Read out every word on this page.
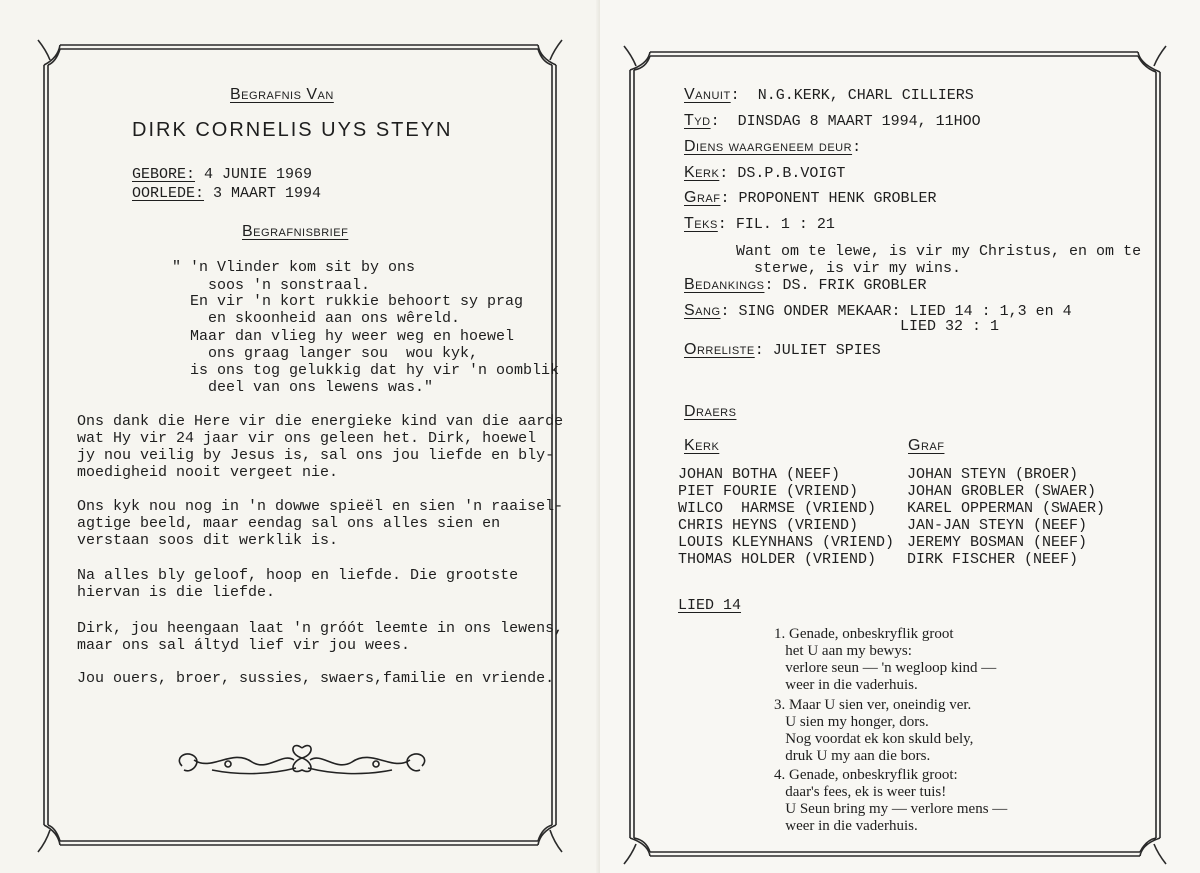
Begrafnis Van
DIRK CORNELIS UYS STEYN
GEBORE: 4 JUNIE 1969
OORLEDE: 3 MAART 1994
Begrafnisbrief
" 'n Vlinder kom sit by ons
soos 'n sonstraal.
En vir 'n kort rukkie behoort sy prag
en skoonheid aan ons wêreld.
Maar dan vlieg hy weer weg en hoewel
ons graag langer sou  wou kyk,
is ons tog gelukkig dat hy vir 'n oomblik
deel van ons lewens was."
Ons dank die Here vir die energieke kind van die aarde
wat Hy vir 24 jaar vir ons geleen het. Dirk, hoewel
jy nou veilig by Jesus is, sal ons jou liefde en bly-
moedigheid nooit vergeet nie.
Ons kyk nou nog in 'n dowwe spieël en sien 'n raaisel-
agtige beeld, maar eendag sal ons alles sien en
verstaan soos dit werklik is.
Na alles bly geloof, hoop en liefde. Die grootste
hiervan is die liefde.
Dirk, jou heengaan laat 'n gróót leemte in ons lewens,
maar ons sal áltyd lief vir jou wees.
Jou ouers, broer, sussies, swaers,familie en vriende.
Vanuit:  N.G.KERK, CHARL CILLIERS
Tyd:  DINSDAG 8 MAART 1994, 11HOO
Diens waargeneem deur:
Kerk: DS.P.B.VOIGT
Graf: PROPONENT HENK GROBLER
Teks: FIL. 1 : 21
Want om te lewe, is vir my Christus, en om te
sterwe, is vir my wins.
Bedankings: DS. FRIK GROBLER
Sang: SING ONDER MEKAAR: LIED 14 : 1,3 en 4
LIED 32 : 1
Orreliste: JULIET SPIES
Draers
Kerk	Graf
JOHAN BOTHA (NEEF)
PIET FOURIE (VRIEND)
WILCO  HARMSE (VRIEND)
CHRIS HEYNS (VRIEND)
LOUIS KLEYNHANS (VRIEND)
THOMAS HOLDER (VRIEND)
JOHAN STEYN (BROER)
JOHAN GROBLER (SWAER)
KAREL OPPERMAN (SWAER)
JAN-JAN STEYN (NEEF)
JEREMY BOSMAN (NEEF)
DIRK FISCHER (NEEF)
LIED 14
1. Genade, onbeskryflik groot
het U aan my bewys:
verlore seun — 'n wegloop kind —
weer in die vaderhuis.
3. Maar U sien ver, oneindig ver.
U sien my honger, dors.
Nog voordat ek kon skuld bely,
druk U my aan die bors.
4. Genade, onbeskryflik groot:
daar's fees, ek is weer tuis!
U Seun bring my — verlore mens —
weer in die vaderhuis.
